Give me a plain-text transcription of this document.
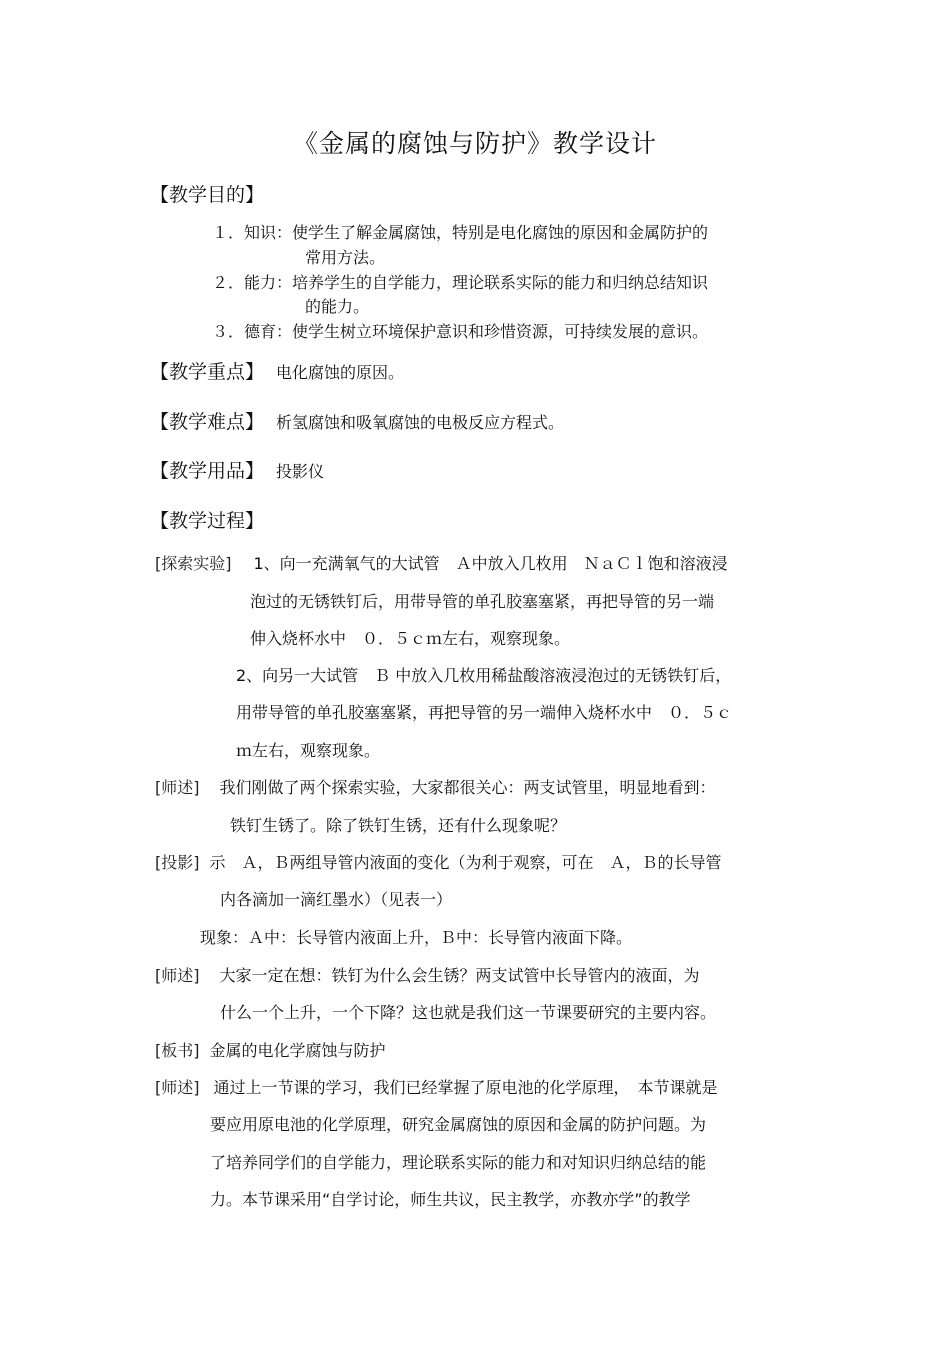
《金属的腐蚀与防护》教学设计
【教学目的】
１．知识：使学生了解金属腐蚀，特别是电化腐蚀的原因和金属防护的
常用方法。
２．能力：培养学生的自学能力，理论联系实际的能力和归纳总结知识
的能力。
３．德育：使学生树立环境保护意识和珍惜资源，可持续发展的意识。
【教学重点】 电化腐蚀的原因。
【教学难点】 析氢腐蚀和吸氧腐蚀的电极反应方程式。
【教学用品】 投影仪
【教学过程】
[探索实验] 1、向一充满氧气的大试管　Ａ中放入几枚用　ＮａＣｌ饱和溶液浸
泡过的无锈铁钉后，用带导管的单孔胶塞塞紧，再把导管的另一端
伸入烧杯水中　０．５ｃｍ左右，观察现象。
2、向另一大试管　Ｂ 中放入几枚用稀盐酸溶液浸泡过的无锈铁钉后，
用带导管的单孔胶塞塞紧，再把导管的另一端伸入烧杯水中　０．５ｃ
ｍ左右，观察现象。
[师述] 我们刚做了两个探索实验，大家都很关心：两支试管里，明显地看到：
铁钉生锈了。除了铁钉生锈，还有什么现象呢？
[投影] 示　Ａ，Ｂ两组导管内液面的变化（为利于观察，可在　Ａ，Ｂ的长导管
内各滴加一滴红墨水）（见表一）
现象：Ａ中：长导管内液面上升，Ｂ中：长导管内液面下降。
[师述] 大家一定在想：铁钉为什么会生锈？两支试管中长导管内的液面，为
什么一个上升，一个下降？这也就是我们这一节课要研究的主要内容。
[板书] 金属的电化学腐蚀与防护
[师述] 通过上一节课的学习，我们已经掌握了原电池的化学原理，　本节课就是
要应用原电池的化学原理，研究金属腐蚀的原因和金属的防护问题。为
了培养同学们的自学能力，理论联系实际的能力和对知识归纳总结的能
力。本节课采用“自学讨论，师生共议，民主教学，亦教亦学”的教学
